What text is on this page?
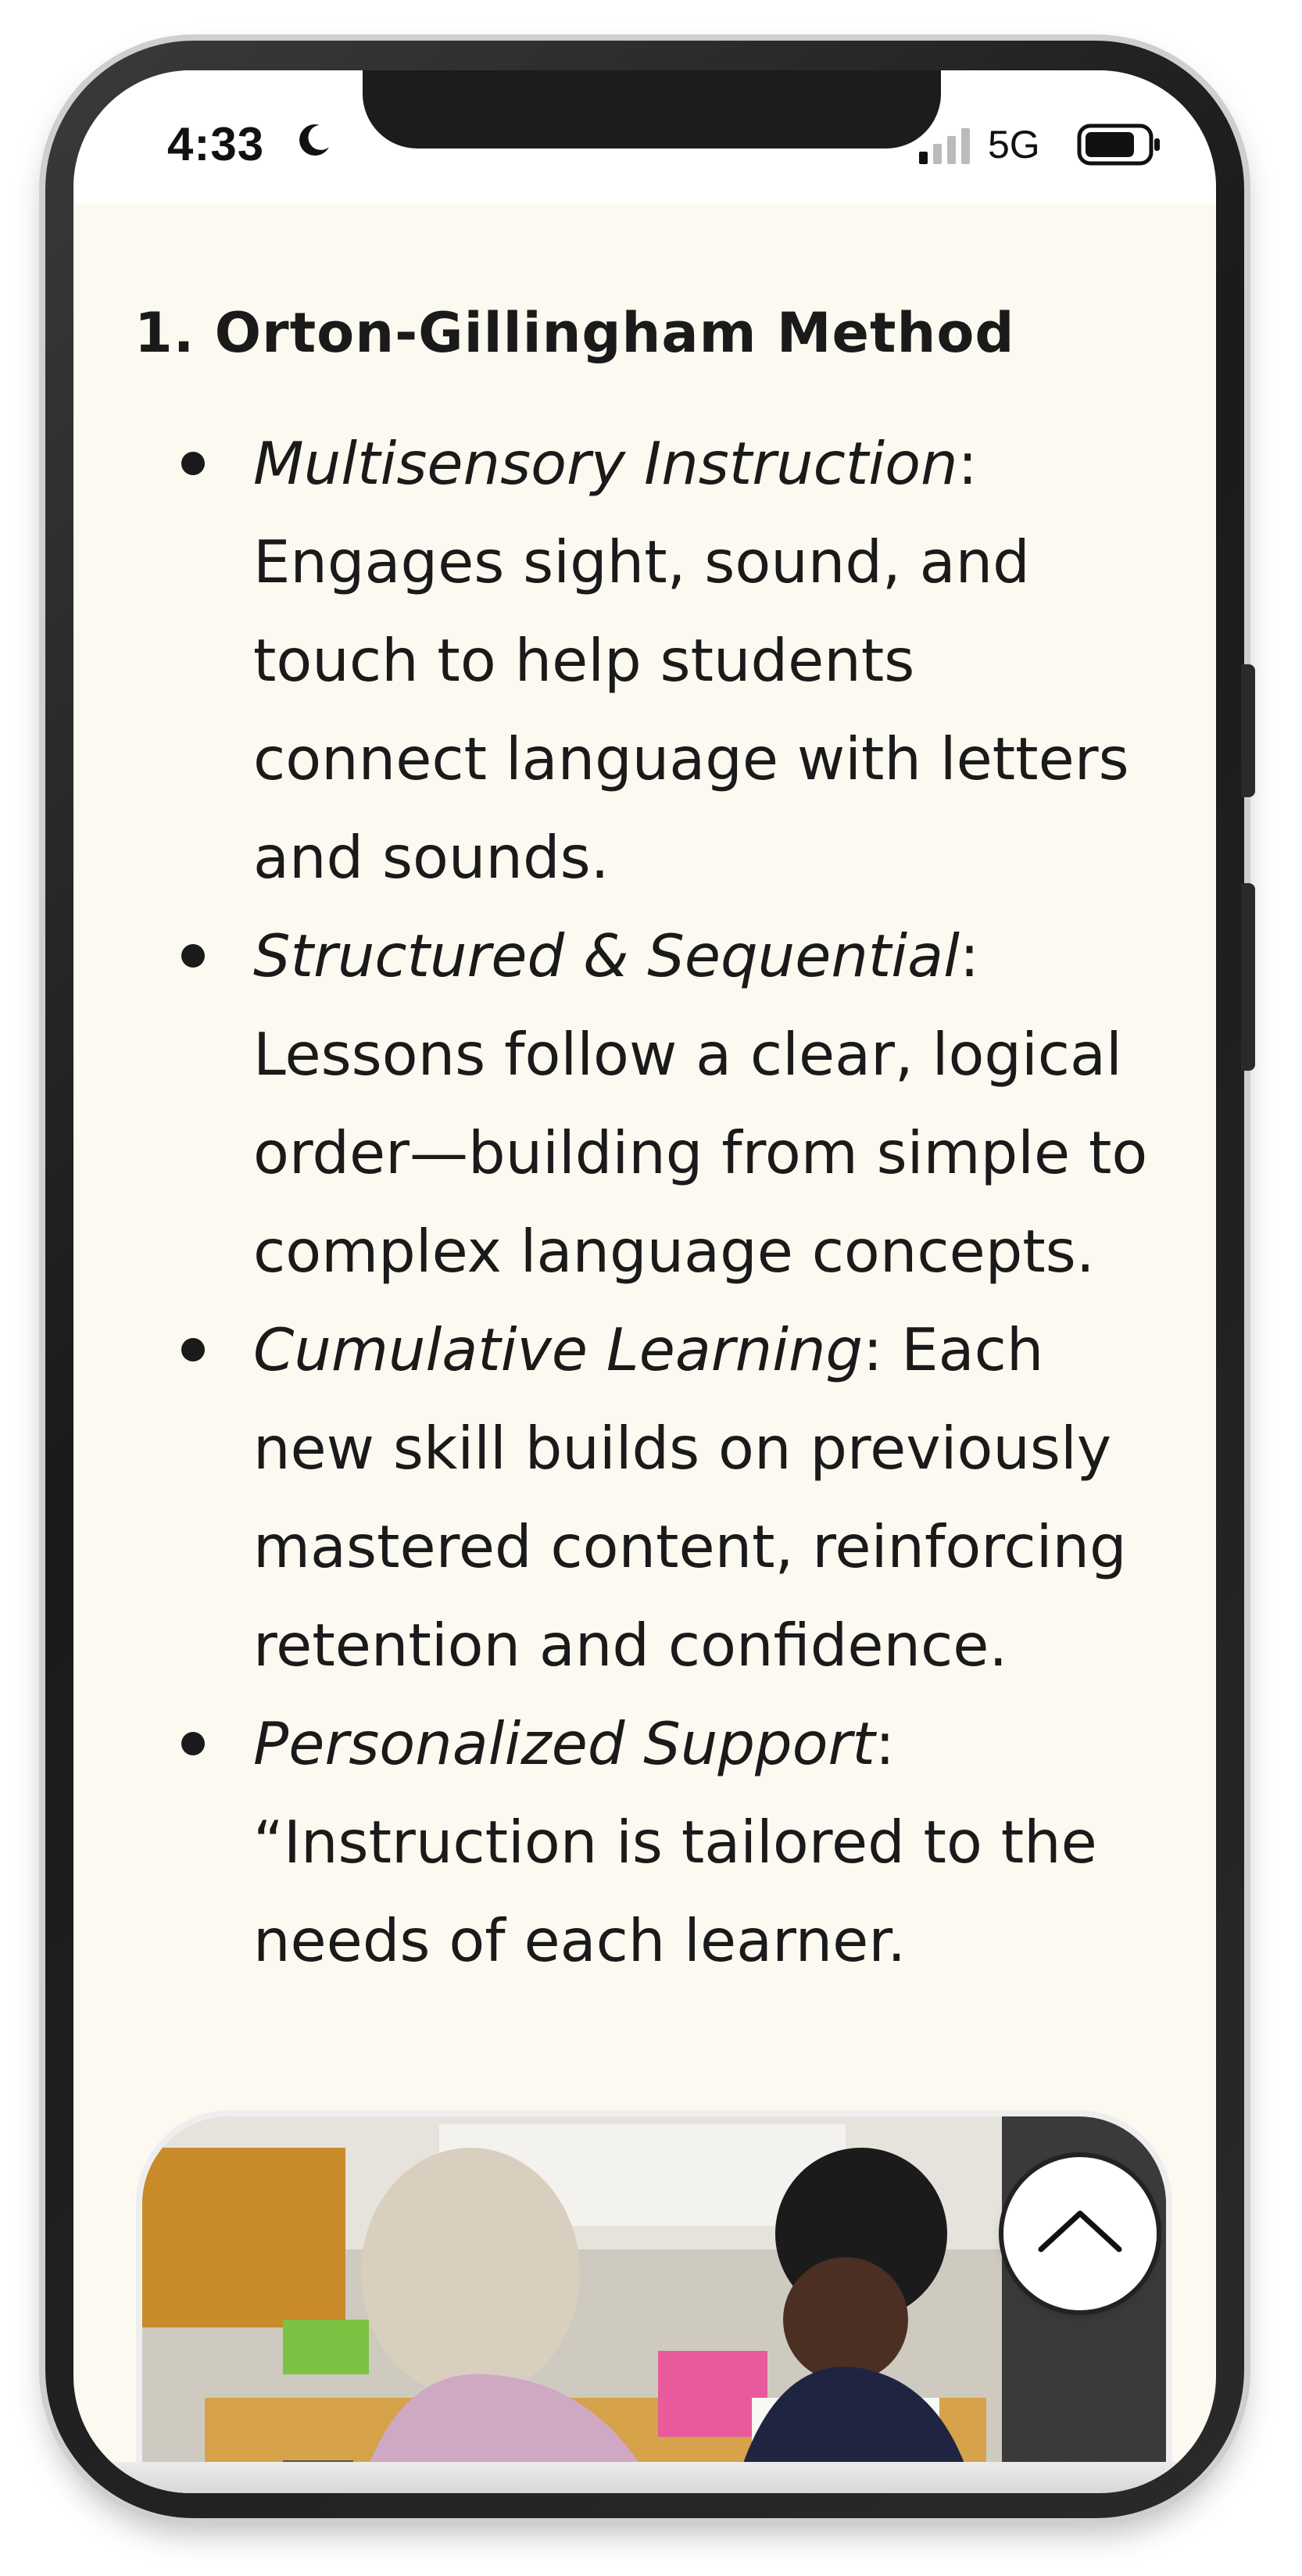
4:33	5G
1. Orton-Gillingham Method
Multisensory Instruction: Engages sight, sound, and touch to help students connect language with letters and sounds.
Structured & Sequential: Lessons follow a clear, logical order—building from simple to complex language concepts.
Cumulative Learning: Each new skill builds on previously mastered content, reinforcing retention and confidence.
Personalized Support: “Instruction is tailored to the needs of each learner.
